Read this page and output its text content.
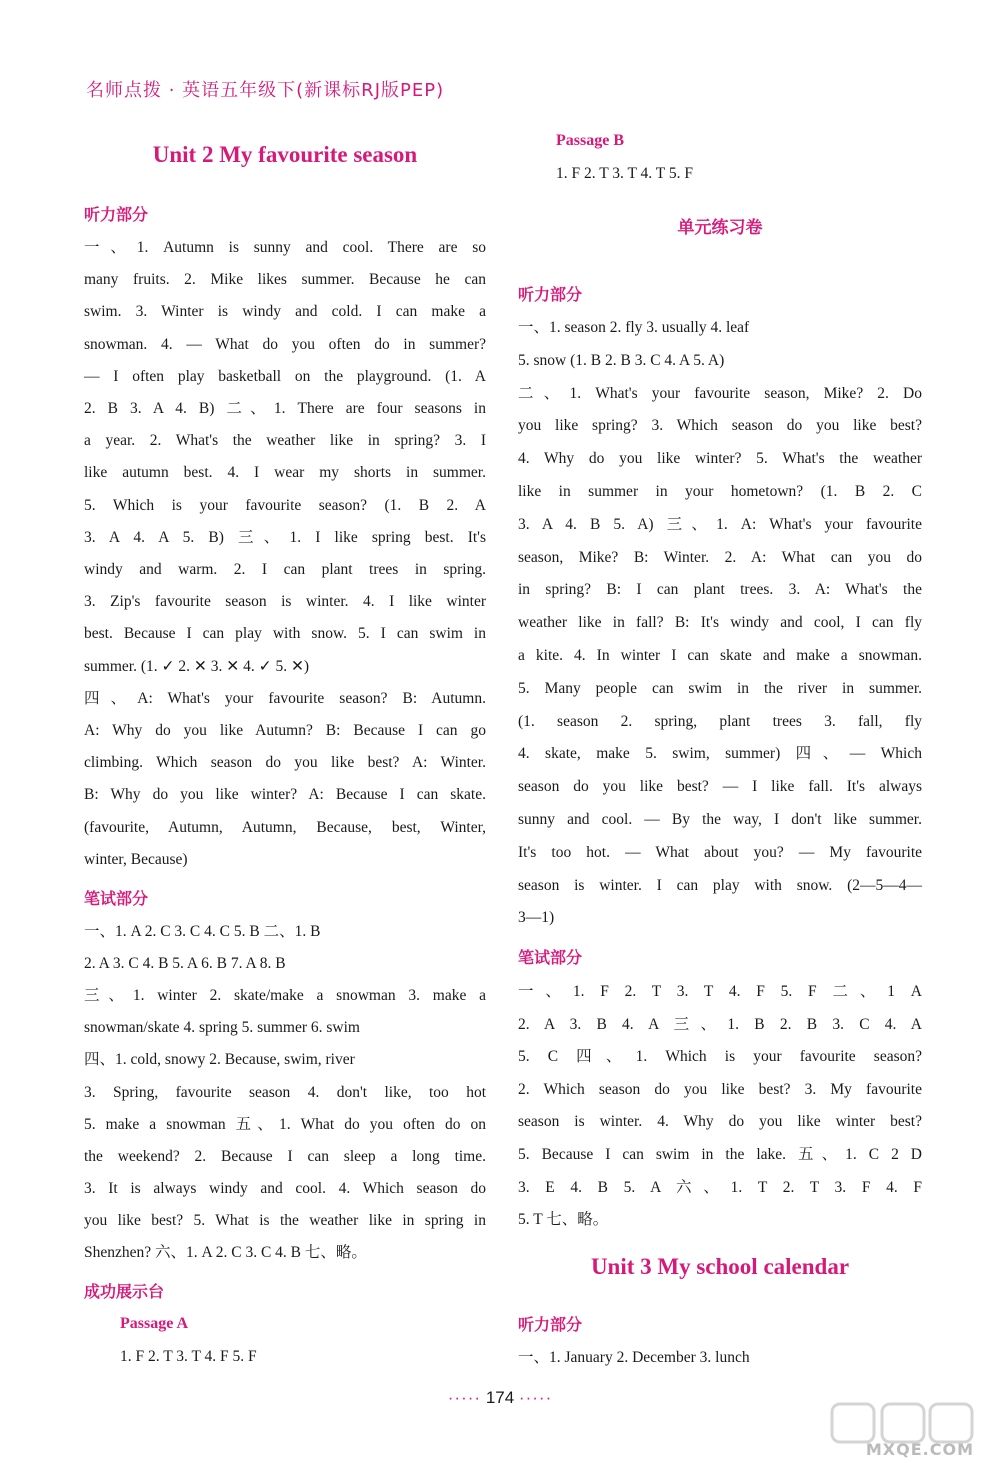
名师点拨 · 英语五年级下(新课标RJ版PEP)
Unit 2 My favourite season
听力部分
一、1. Autumn is sunny and cool. There are so
many fruits. 2. Mike likes summer. Because he can
swim. 3. Winter is windy and cold. I can make a
snowman. 4. — What do you often do in summer?
— I often play basketball on the playground. (1. A
2. B 3. A 4. B) 二、1. There are four seasons in
a year. 2. What's the weather like in spring? 3. I
like autumn best. 4. I wear my shorts in summer.
5. Which is your favourite season? (1. B 2. A
3. A 4. A 5. B) 三、1. I like spring best. It's
windy and warm. 2. I can plant trees in spring.
3. Zip's favourite season is winter. 4. I like winter
best. Because I can play with snow. 5. I can swim in
summer. (1. ✓ 2. ✕ 3. ✕ 4. ✓ 5. ✕)
四、A: What's your favourite season? B: Autumn.
A: Why do you like Autumn? B: Because I can go
climbing. Which season do you like best? A: Winter.
B: Why do you like winter? A: Because I can skate.
(favourite, Autumn, Autumn, Because, best, Winter,
winter, Because)
笔试部分
一、1. A 2. C 3. C 4. C 5. B 二、1. B
2. A 3. C 4. B 5. A 6. B 7. A 8. B
三、1. winter 2. skate/make a snowman 3. make a
snowman/skate 4. spring 5. summer 6. swim
四、1. cold, snowy 2. Because, swim, river
3. Spring, favourite season 4. don't like, too hot
5. make a snowman 五、1. What do you often do on
the weekend? 2. Because I can sleep a long time.
3. It is always windy and cool. 4. Which season do
you like best? 5. What is the weather like in spring in
Shenzhen? 六、1. A 2. C 3. C 4. B 七、略。
成功展示台
Passage A
1. F 2. T 3. T 4. F 5. F
Passage B
1. F 2. T 3. T 4. T 5. F
单元练习卷
听力部分
一、1. season 2. fly 3. usually 4. leaf
5. snow (1. B 2. B 3. C 4. A 5. A)
二、1. What's your favourite season, Mike? 2. Do
you like spring? 3. Which season do you like best?
4. Why do you like winter? 5. What's the weather
like in summer in your hometown? (1. B 2. C
3. A 4. B 5. A) 三、1. A: What's your favourite
season, Mike? B: Winter. 2. A: What can you do
in spring? B: I can plant trees. 3. A: What's the
weather like in fall? B: It's windy and cool, I can fly
a kite. 4. In winter I can skate and make a snowman.
5. Many people can swim in the river in summer.
(1. season 2. spring, plant trees 3. fall, fly
4. skate, make 5. swim, summer) 四、— Which
season do you like best? — I like fall. It's always
sunny and cool. — By the way, I don't like summer.
It's too hot. — What about you? — My favourite
season is winter. I can play with snow. (2—5—4—
3—1)
笔试部分
一、1. F 2. T 3. T 4. F 5. F 二、1 A
2. A 3. B 4. A 三、1. B 2. B 3. C 4. A
5. C 四、1. Which is your favourite season?
2. Which season do you like best? 3. My favourite
season is winter. 4. Why do you like winter best?
5. Because I can swim in the lake. 五、1. C 2 D
3. E 4. B 5. A 六、1. T 2. T 3. F 4. F
5. T 七、略。
Unit 3 My school calendar
听力部分
一、1. January 2. December 3. lunch
····· 174 ·····
MXQE.COM
